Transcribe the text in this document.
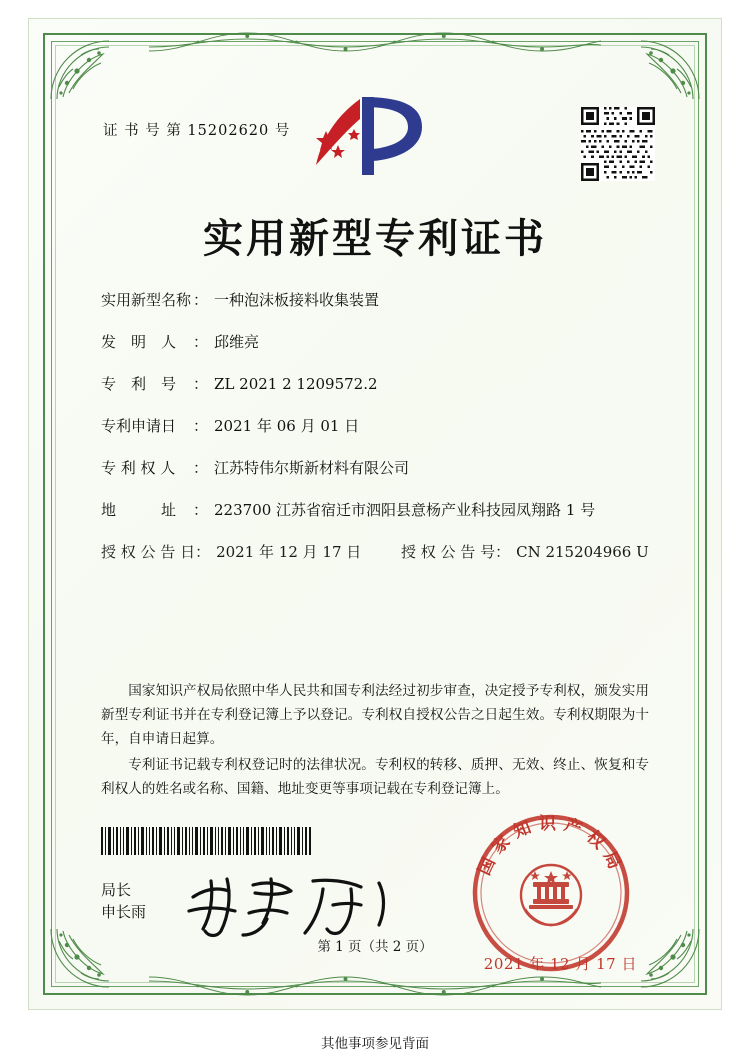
证 书 号 第 15202620 号
实用新型专利证书
实用新型名称 ： 一种泡沫板接料收集装置
发　明　人	： 邱维亮
专　利　号	： ZL 2021 2 1209572.2
专利申请日	： 2021 年 06 月 01 日
专 利 权 人	： 江苏特伟尔斯新材料有限公司
地　　　址	： 223700 江苏省宿迁市泗阳县意杨产业科技园凤翔路 1 号
授 权 公 告 日 ： 2021 年 12 月 17 日	授 权 公 告 号 ： CN 215204966 U

国家知识产权局依照中华人民共和国专利法经过初步审查，决定授予专利权，颁发实用新型专利证书并在专利登记簿上予以登记。专利权自授权公告之日起生效。专利权期限为十年，自申请日起算。

专利证书记载专利权登记时的法律状况。专利权的转移、质押、无效、终止、恢复和专利权人的姓名或名称、国籍、地址变更等事项记载在专利登记簿上。

局长
申长雨
国家知识产权局

2021 年 12 月 17 日
第 1 页（共 2 页）
其他事项参见背面
